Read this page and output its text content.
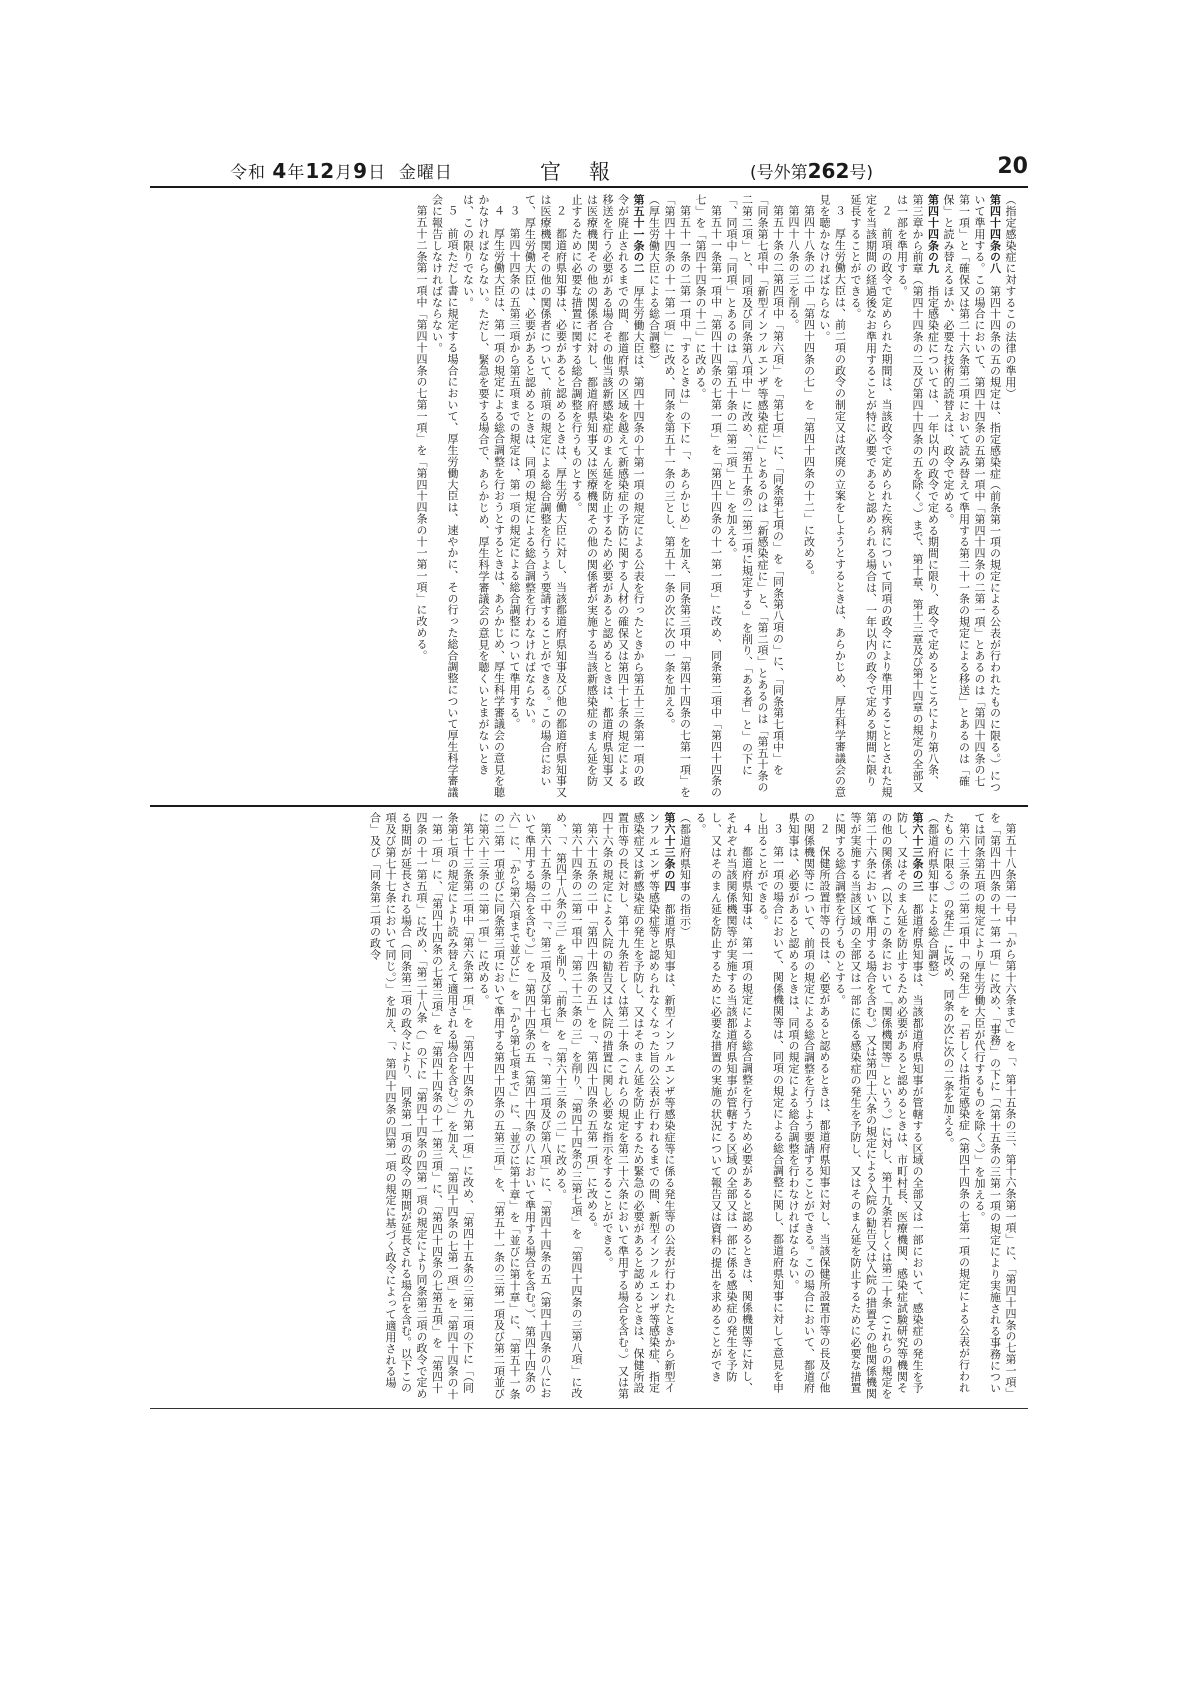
令和 4年12月9日 金曜日	官報	(号外第262号)	20

（指定感染症に対するこの法律の準用）

第四十四条の八　第四十四条の五の規定は、指定感染症（前条第一項の規定による公表が行われたものに限る。）について準用する。この場合において、第四十四条の五第一項中「第四十四条の二第一項」とあるのは「第四十四条の七第一項」と「確保又は第二十六条第二項において読み替えて準用する第二十一条の規定による移送」とあるのは「確保」と読み替えるほか、必要な技術的読替えは、政令で定める。

第四十四条の九　指定感染症については、一年以内の政令で定める期間に限り、政令で定めるところにより第八条、第三章から前章（第四十四条の二及び第四十四条の五を除く。）まで、第十章、第十三章及び第十四章の規定の全部又は一部を準用する。

２　前項の政令で定められた期間は、当該政令で定められた疾病について同項の政令により準用することとされた規定を当該期間の経過後なお準用することが特に必要であると認められる場合は、一年以内の政令で定める期間に限り延長することができる。

３　厚生労働大臣は、前二項の政令の制定又は改廃の立案をしようとするときは、あらかじめ、厚生科学審議会の意見を聴かなければならない。

第四十八条の二中「第四十四条の七」を「第四十四条の十二」に改める。

第四十八条の三を削る。

第五十条の二第四項中「第六項」を「第七項」に、「同条第七項の」を「同条第八項の」に、「同条第七項中」を「同条第七項中「新型インフルエンザ等感染症に」とあるのは「新感染症に」と、「第二項」とあるのは「第五十条の二第二項」と、同項及び同条第八項中」に改め、「第五十条の二第二項に規定する」を削り、「ある者」と」の下に「、同項中「同項」とあるのは「第五十条の二第二項」と」を加える。

第五十一条第一項中「第四十四条の七第一項」を「第四十四条の十一第一項」に改め、同条第二項中「第四十四条の七」を「第四十四条の十二」に改める。

第五十一条の二第一項中「するときは」の下に「、あらかじめ」を加え、同条第三項中「第四十四条の七第一項」を「第四十四条の十一第一項」に改め、同条を第五十一条の三とし、第五十一条の次に次の一条を加える。

（厚生労働大臣による総合調整）

第五十一条の二　厚生労働大臣は、第四十四条の十第一項の規定による公表を行ったときから第五十三条第一項の政令が廃止されるまでの間、都道府県の区域を越えて新感染症の予防に関する人材の確保又は第四十七条の規定による移送を行う必要がある場合その他当該新感染症のまん延を防止するため必要があると認めるときは、都道府県知事又は医療機関その他の関係者に対し、都道府県知事又は医療機関その他の関係者が実施する当該新感染症のまん延を防止するために必要な措置に関する総合調整を行うものとする。

２　都道府県知事は、必要があると認めるときは、厚生労働大臣に対し、当該都道府県知事及び他の都道府県知事又は医療機関その他の関係者について、前項の規定による総合調整を行うよう要請することができる。この場合において、厚生労働大臣は、必要があると認めるときは、同項の規定による総合調整を行わなければならない。

３　第四十四条の五第三項から第五項までの規定は、第一項の規定による総合調整について準用する。

４　厚生労働大臣は、第一項の規定による総合調整を行おうとするときは、あらかじめ、厚生科学審議会の意見を聴かなければならない。ただし、緊急を要する場合で、あらかじめ、厚生科学審議会の意見を聴くいとまがないときは、この限りでない。

５　前項ただし書に規定する場合において、厚生労働大臣は、速やかに、その行った総合調整について厚生科学審議会に報告しなければならない。

第五十二条第一項中「第四十四条の七第一項」を「第四十四条の十一第一項」に改める。

第五十八条第一号中「から第十六条まで」を「、第十五条の三、第十六条第一項」に、「第四十四条の七第一項」を「第四十四条の十一第一項」に改め、「事務」の下に「（第十五条の三第一項の規定により実施される事務については同条第五項の規定により厚生労働大臣が代行するものを除く。）」を加える。

第六十三条の二第二項中「の発生」を「若しくは指定感染症（第四十四条の七第一項の規定による公表が行われたものに限る。）の発生」に改め、同条の次に次の二条を加える。

（都道府県知事による総合調整）

第六十三条の三　都道府県知事は、当該都道府県知事が管轄する区域の全部又は一部において、感染症の発生を予防し、又はそのまん延を防止するため必要があると認めるときは、市町村長、医療機関、感染症試験研究等機関その他の関係者（以下この条において「関係機関等」という。）に対し、第十九条若しくは第二十条（これらの規定を第二十六条において準用する場合を含む。）又は第四十六条の規定による入院の勧告又は入院の措置その他関係機関等が実施する当該区域の全部又は一部に係る感染症の発生を予防し、又はそのまん延を防止するために必要な措置に関する総合調整を行うものとする。

２　保健所設置市等の長は、必要があると認めるときは、都道府県知事に対し、当該保健所設置市等の長及び他の関係機関等について、前項の規定による総合調整を行うよう要請することができる。この場合において、都道府県知事は、必要があると認めるときは、同項の規定による総合調整を行わなければならない。

３　第一項の場合において、関係機関等は、同項の規定による総合調整に関し、都道府県知事に対して意見を申し出ることができる。

４　都道府県知事は、第一項の規定による総合調整を行うため必要があると認めるときは、関係機関等に対し、それぞれ当該関係機関等が実施する当該都道府県知事が管轄する区域の全部又は一部に係る感染症の発生を予防し、又はそのまん延を防止するために必要な措置の実施の状況について報告又は資料の提出を求めることができる。

（都道府県知事の指示）

第六十三条の四　都道府県知事は、新型インフルエンザ等感染症等に係る発生等の公表が行われたときから新型インフルエンザ等感染症等と認められなくなった旨の公表が行われるまでの間、新型インフルエンザ等感染症、指定感染症又は新感染症の発生を予防し、又はそのまん延を防止するため緊急の必要があると認めるときは、保健所設置市等の長に対し、第十九条若しくは第二十条（これらの規定を第二十六条において準用する場合を含む。）又は第四十六条の規定による入院の勧告又は入院の措置に関し必要な指示をすることができる。

第六十五条の二中「第四十四条の五」を「、第四十四条の五第一項」に改める。

第六十四条の二第一項中「第二十二条の三」を削り、「第四十四条の三第七項」を「第四十四条の三第八項」に改め、「、第四十八条の三」を削り、「前条」を「第六十三条の二」に改める。

第六十五条の二中「、第二項及び第七項」を「、第二項及び第八項」に、「第四十四条の五（第四十四条の八において準用する場合を含む。）」を「第四十四条の五（第四十四条の八において準用する場合を含む。）、第四十四条の六」に、「から第六項まで並びに」を「から第七項まで」に、「並びに第十章」を「並びに第十章」に、「第五十一条の二第一項並びに同条第三項において準用する第四十四条の五第三項」を、「第五十一条の三第一項及び第二項並びに第六十三条の二第一項」に改める。

第七十三条第二項中「第六条第一項」を「第四十四条の九第一項」に改め、「第四十五条の三第二項の下に「（同条第七項の規定により読み替えて適用される場合を含む。）」を加え、「第四十四条の七第一項」を「第四十四条の十一第一項」に、「第四十四条の七第三項」を「第四十四条の十一第三項」に、「第四十四条の七第五項」を「第四十四条の十一第五項」に改め、「第二十八条（」の下に「第四十四条の四第一項の規定により同条第二項の政令で定める期間が延長される場合（同条第二項の政令により、同条第一項の政令の期間が延長される場合を含む。以下この項及び第七十七条において同じ。）」を加え、「、第四十四条の四第一項の規定に基づく政令によって適用される場合」及び「同条第二項の政令
